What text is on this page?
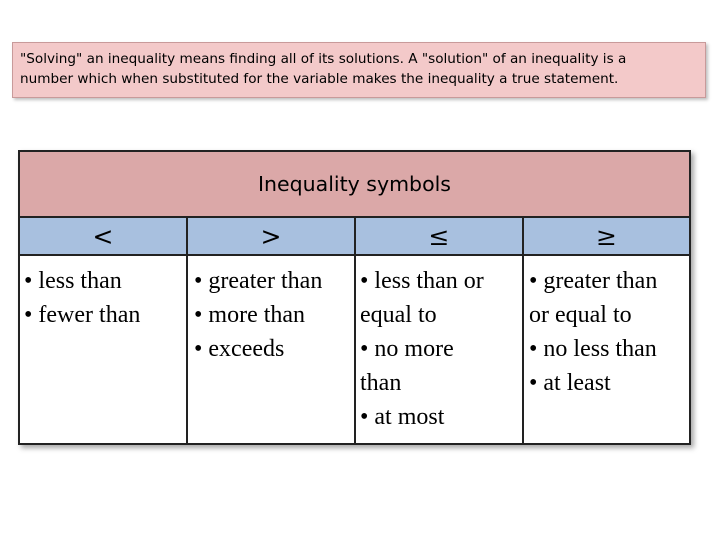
"Solving" an inequality means finding all of its solutions. A "solution" of an inequality is a

number which when substituted for the variable makes the inequality a true statement.

Inequality symbols
<
• less than
• fewer than
>
• greater than
• more than
• exceeds
≤
• less than or
equal to
• no more
than
• at most
≥
• greater than
or equal to
• no less than
• at least
